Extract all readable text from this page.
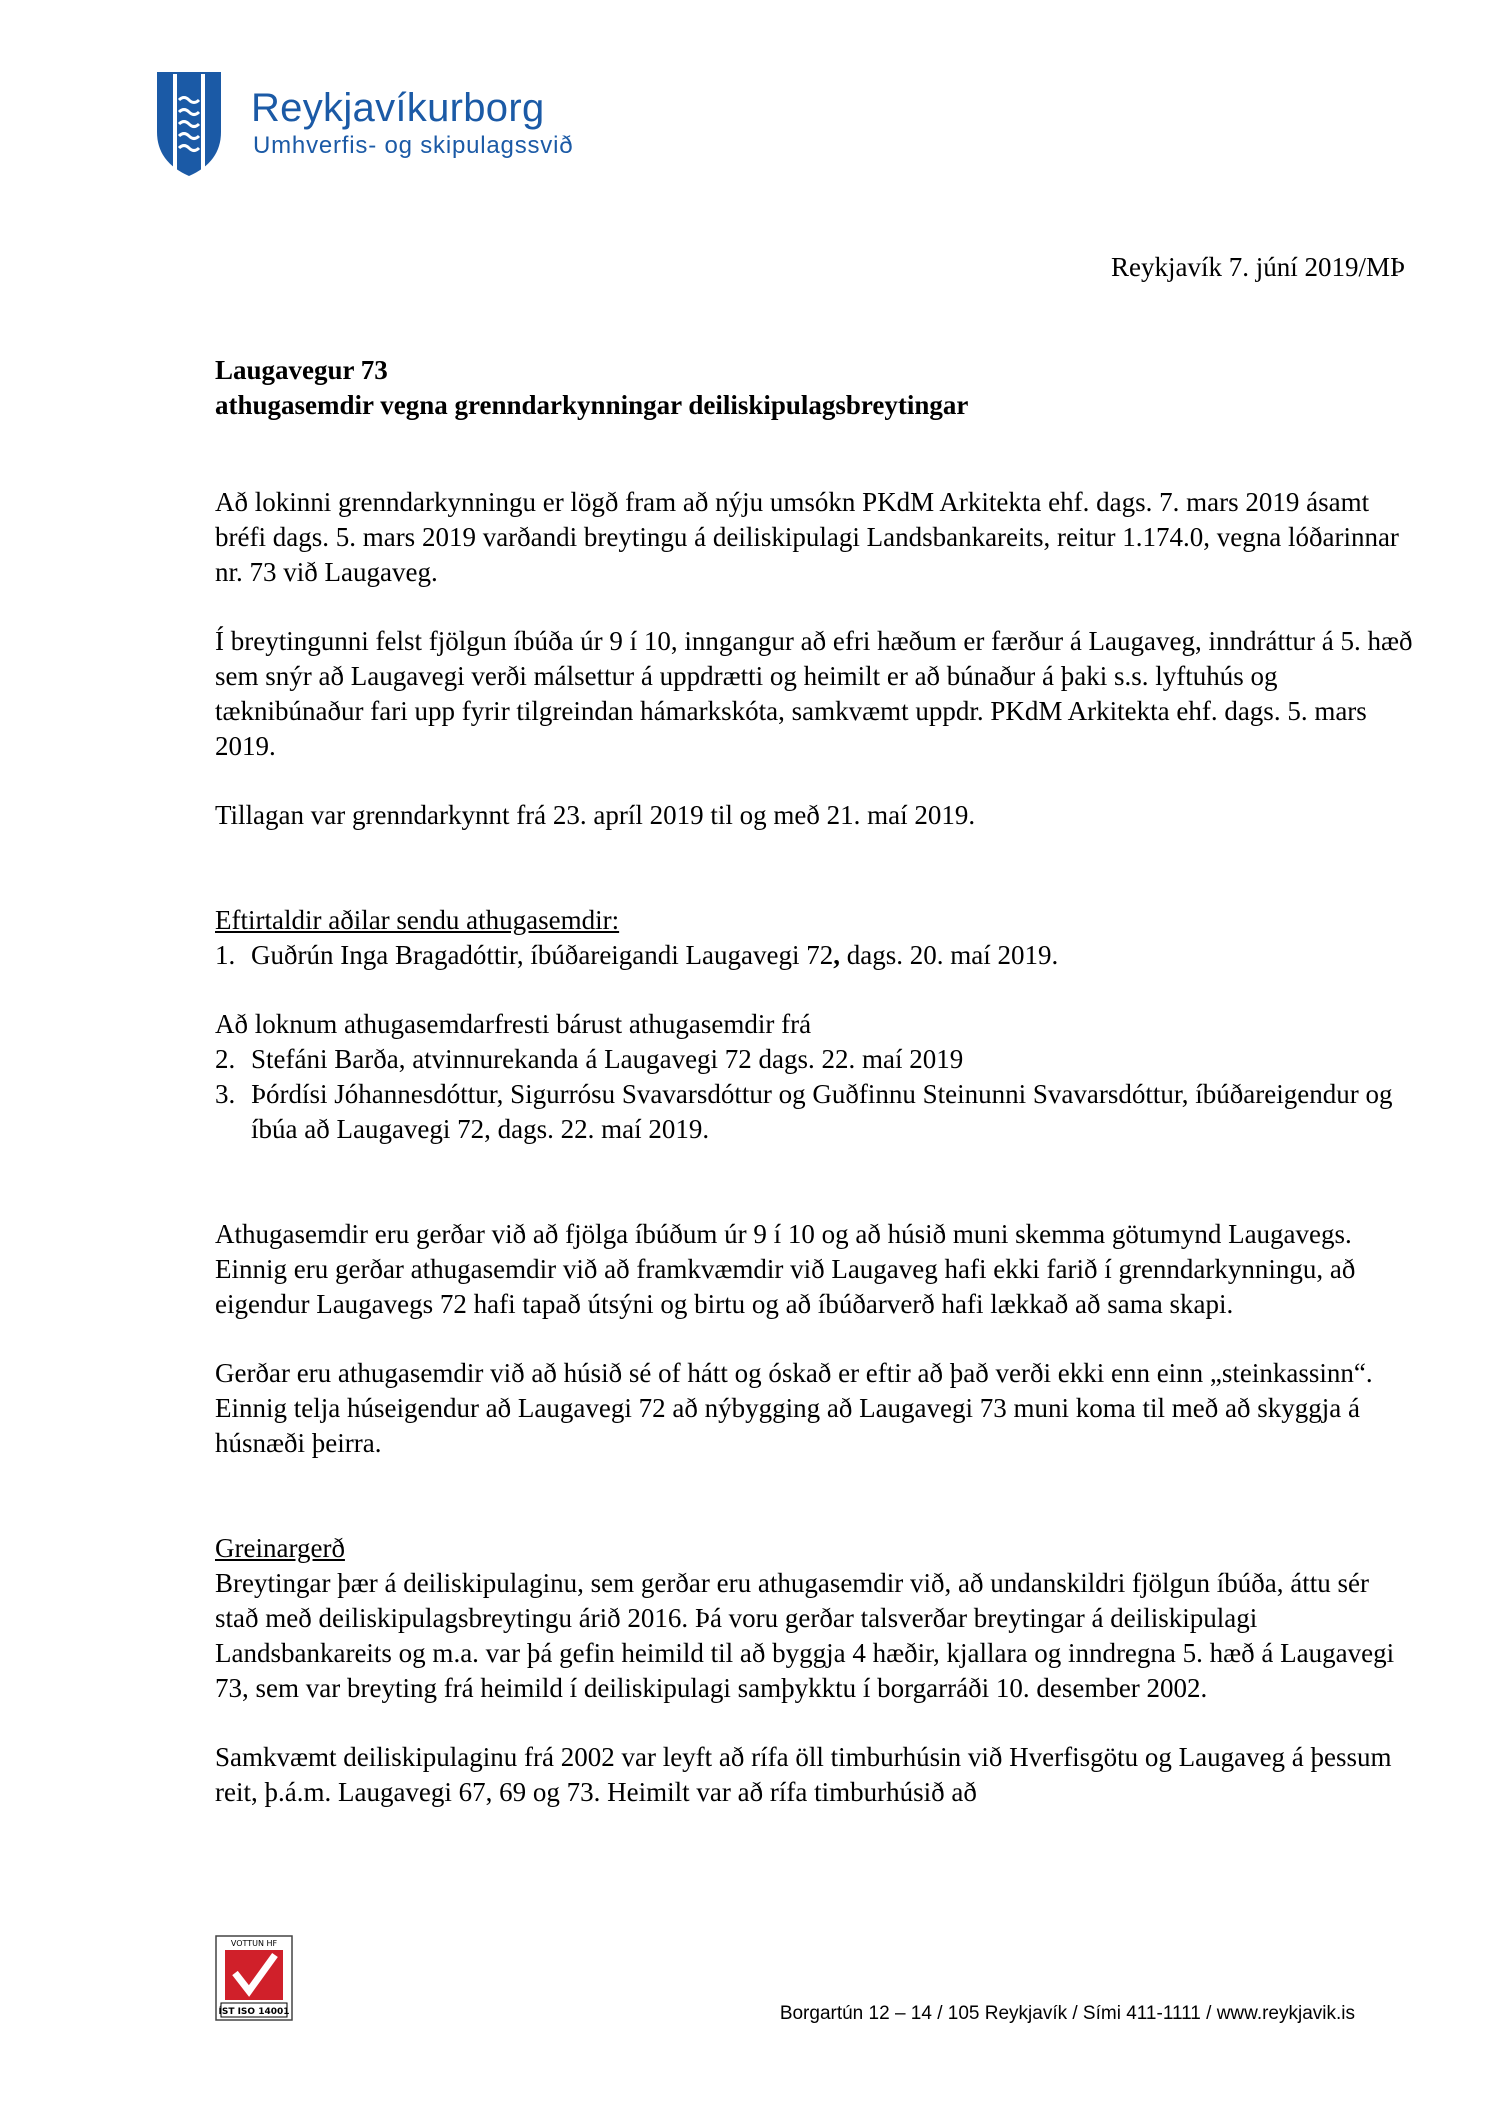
Reykjavíkurborg
Umhverfis- og skipulagssvið
Reykjavík 7. júní 2019/MÞ

Laugavegur 73

athugasemdir vegna grenndarkynningar deiliskipulagsbreytingar

Að lokinni grenndarkynningu er lögð fram að nýju umsókn PKdM Arkitekta ehf. dags. 7. mars 2019 ásamt bréfi dags. 5. mars 2019 varðandi breytingu á deiliskipulagi Landsbankareits, reitur 1.174.0, vegna lóðarinnar nr. 73 við Laugaveg.

Í breytingunni felst fjölgun íbúða úr 9 í 10, inngangur að efri hæðum er færður á Laugaveg, inndráttur á 5. hæð sem snýr að Laugavegi verði málsettur á uppdrætti og heimilt er að búnaður á þaki s.s. lyftuhús og tæknibúnaður fari upp fyrir tilgreindan hámarkskóta, samkvæmt uppdr. PKdM Arkitekta ehf. dags. 5. mars 2019.

Tillagan var grenndarkynnt frá 23. apríl 2019 til og með 21. maí 2019.

Eftirtaldir aðilar sendu athugasemdir:

1. Guðrún Inga Bragadóttir, íbúðareigandi Laugavegi 72, dags. 20. maí 2019.

Að loknum athugasemdarfresti bárust athugasemdir frá

2. Stefáni Barða, atvinnurekanda á Laugavegi 72 dags. 22. maí 2019
3. Þórdísi Jóhannesdóttur, Sigurrósu Svavarsdóttur og Guðfinnu Steinunni Svavarsdóttur, íbúðareigendur og íbúa að Laugavegi 72, dags. 22. maí 2019.

Athugasemdir eru gerðar við að fjölga íbúðum úr 9 í 10 og að húsið muni skemma götumynd Laugavegs. Einnig eru gerðar athugasemdir við að framkvæmdir við Laugaveg hafi ekki farið í grenndarkynningu, að eigendur Laugavegs 72 hafi tapað útsýni og birtu og að íbúðarverð hafi lækkað að sama skapi.

Gerðar eru athugasemdir við að húsið sé of hátt og óskað er eftir að það verði ekki enn einn „steinkassinn“. Einnig telja húseigendur að Laugavegi 72 að nýbygging að Laugavegi 73 muni koma til með að skyggja á húsnæði þeirra.

Greinargerð

Breytingar þær á deiliskipulaginu, sem gerðar eru athugasemdir við, að undanskildri fjölgun íbúða, áttu sér stað með deiliskipulagsbreytingu árið 2016. Þá voru gerðar talsverðar breytingar á deiliskipulagi Landsbankareits og m.a. var þá gefin heimild til að byggja 4 hæðir, kjallara og inndregna 5. hæð á Laugavegi 73, sem var breyting frá heimild í deiliskipulagi samþykktu í borgarráði 10. desember 2002.

Samkvæmt deiliskipulaginu frá 2002 var leyft að rífa öll timburhúsin við Hverfisgötu og Laugaveg á þessum reit, þ.á.m. Laugavegi 67, 69 og 73. Heimilt var að rífa timburhúsið að

VOTTUN HF
ÍST ISO 14001	Borgartún 12 – 14 / 105 Reykjavík / Sími 411-1111 / www.reykjavik.is
